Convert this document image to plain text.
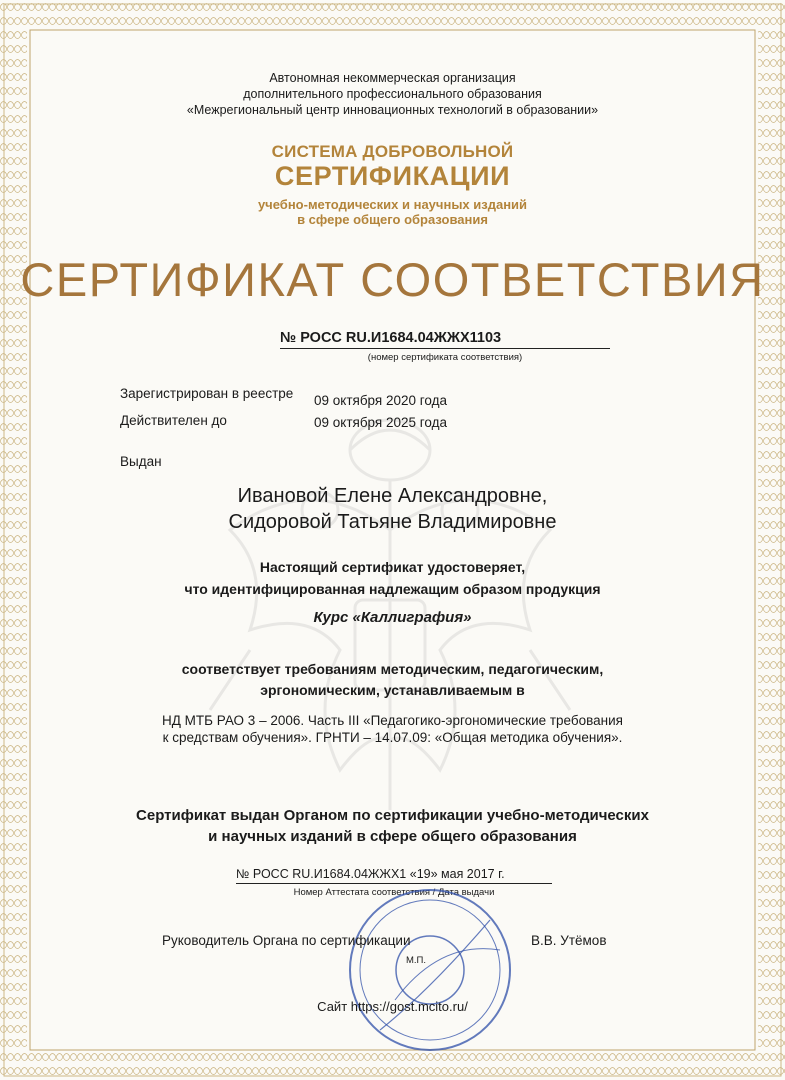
Автономная некоммерческая организация
дополнительного профессионального образования
«Межрегиональный центр инновационных технологий в образовании»
СИСТЕМА ДОБРОВОЛЬНОЙ
СЕРТИФИКАЦИИ
учебно-методических и научных изданий
в сфере общего образования
СЕРТИФИКАТ СООТВЕТСТВИЯ
№ РОСС RU.И1684.04ЖЖХ1103
(номер сертификата соответствия)
Зарегистрирован в реестре 09 октября 2020 года
Действителен до	09 октября 2025 года
Выдан
Ивановой Елене Александровне,
Сидоровой Татьяне Владимировне
Настоящий сертификат удостоверяет,
что идентифицированная надлежащим образом продукция
Курс «Каллиграфия»
соответствует требованиям методическим, педагогическим,
эргономическим, устанавливаемым в
НД МТБ РАО 3 – 2006. Часть III «Педагогико-эргономические требования
к средствам обучения». ГРНТИ – 14.07.09: «Общая методика обучения».
Сертификат выдан Органом по сертификации учебно-методических
и научных изданий в сфере общего образования
№ РОСС RU.И1684.04ЖЖХ1 «19» мая 2017 г.
Номер Аттестата соответствия / Дата выдачи
Руководитель Органа по сертификации
М.П.
В.В. Утёмов
Сайт https://gost.mcito.ru/
